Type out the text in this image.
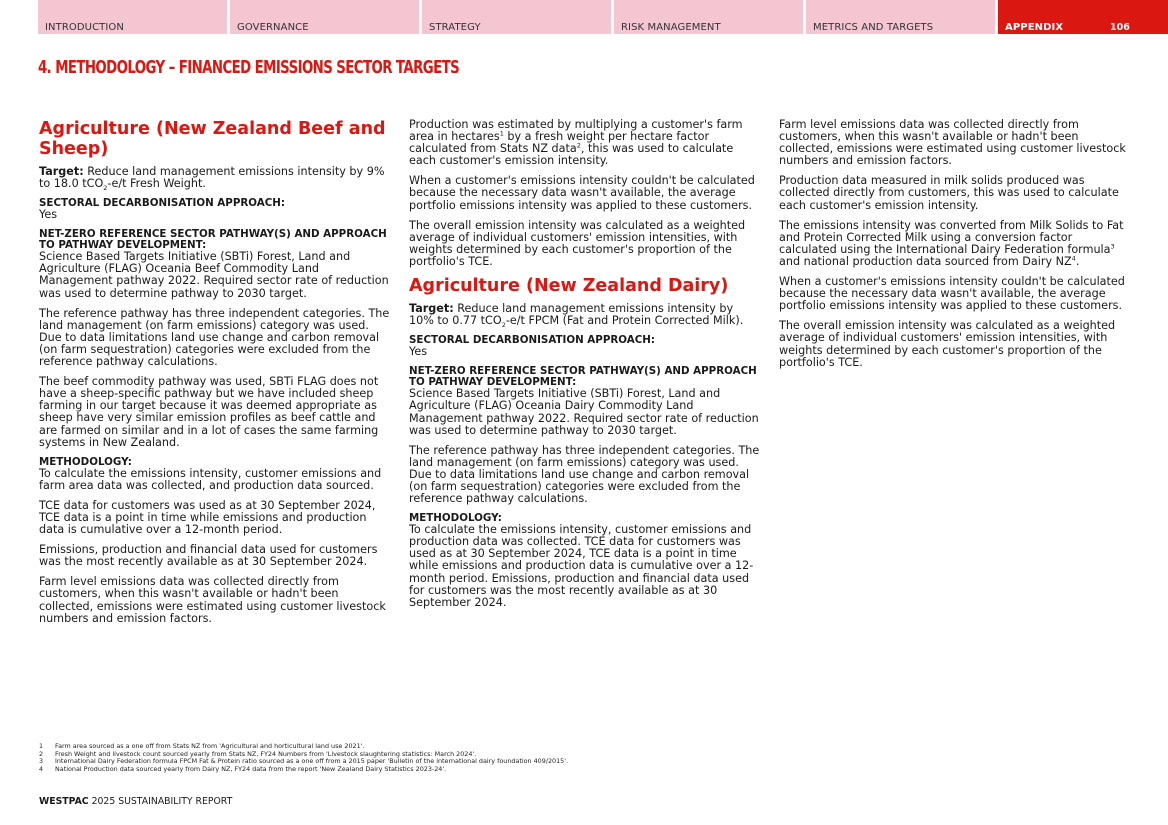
INTRODUCTION	GOVERNANCE	STRATEGY	RISK MANAGEMENT	METRICS AND TARGETS	APPENDIX	106
4. METHODOLOGY – FINANCED EMISSIONS SECTOR TARGETS
Agriculture (New Zealand Beef and Sheep)

Target: Reduce land management emissions intensity by 9% to 18.0 tCO$_2$-e/t Fresh Weight.

SECTORAL DECARBONISATION APPROACH:

Yes

NET-ZERO REFERENCE SECTOR PATHWAY(S) AND APPROACH TO PATHWAY DEVELOPMENT:

Science Based Targets Initiative (SBTi) Forest, Land and Agriculture (FLAG) Oceania Beef Commodity Land Management pathway 2022. Required sector rate of reduction was used to determine pathway to 2030 target.

The reference pathway has three independent categories. The land management (on farm emissions) category was used. Due to data limitations land use change and carbon removal (on farm sequestration) categories were excluded from the reference pathway calculations.

The beef commodity pathway was used, SBTi FLAG does not have a sheep-specific pathway but we have included sheep farming in our target because it was deemed appropriate as sheep have very similar emission profiles as beef cattle and are farmed on similar and in a lot of cases the same farming systems in New Zealand.

METHODOLOGY:

To calculate the emissions intensity, customer emissions and farm area data was collected, and production data sourced.

TCE data for customers was used as at 30 September 2024, TCE data is a point in time while emissions and production data is cumulative over a 12-month period.

Emissions, production and financial data used for customers was the most recently available as at 30 September 2024.

Farm level emissions data was collected directly from customers, when this wasn't available or hadn't been collected, emissions were estimated using customer livestock numbers and emission factors.

Production was estimated by multiplying a customer's farm area in hectares$^1$ by a fresh weight per hectare factor calculated from Stats NZ data$^2$, this was used to calculate each customer's emission intensity.

When a customer's emissions intensity couldn't be calculated because the necessary data wasn't available, the average portfolio emissions intensity was applied to these customers.

The overall emission intensity was calculated as a weighted average of individual customers' emission intensities, with weights determined by each customer's proportion of the portfolio's TCE.

Agriculture (New Zealand Dairy)

Target: Reduce land management emissions intensity by 10% to 0.77 tCO$_2$-e/t FPCM (Fat and Protein Corrected Milk).

SECTORAL DECARBONISATION APPROACH:

Yes

NET-ZERO REFERENCE SECTOR PATHWAY(S) AND APPROACH TO PATHWAY DEVELOPMENT:

Science Based Targets Initiative (SBTi) Forest, Land and Agriculture (FLAG) Oceania Dairy Commodity Land Management pathway 2022. Required sector rate of reduction was used to determine pathway to 2030 target.

The reference pathway has three independent categories. The land management (on farm emissions) category was used. Due to data limitations land use change and carbon removal (on farm sequestration) categories were excluded from the reference pathway calculations.

METHODOLOGY:

To calculate the emissions intensity, customer emissions and production data was collected. TCE data for customers was used as at 30 September 2024, TCE data is a point in time while emissions and production data is cumulative over a 12-month period. Emissions, production and financial data used for customers was the most recently available as at 30 September 2024.

Farm level emissions data was collected directly from customers, when this wasn't available or hadn't been collected, emissions were estimated using customer livestock numbers and emission factors.

Production data measured in milk solids produced was collected directly from customers, this was used to calculate each customer's emission intensity.

The emissions intensity was converted from Milk Solids to Fat and Protein Corrected Milk using a conversion factor calculated using the International Dairy Federation formula$^3$ and national production data sourced from Dairy $NZ^4$.

When a customer's emissions intensity couldn't be calculated because the necessary data wasn't available, the average portfolio emissions intensity was applied to these customers.

The overall emission intensity was calculated as a weighted average of individual customers' emission intensities, with weights determined by each customer's proportion of the portfolio's TCE.

1	Farm area sourced as a one off from Stats NZ from 'Agricultural and horticultural land use 2021'.
2	Fresh Weight and livestock count sourced yearly from Stats NZ, FY24 Numbers from 'Livestock slaughtering statistics: March 2024'.
3	International Dairy Federation formula FPCM Fat & Protein ratio sourced as a one off from a 2015 paper 'Bulletin of the international dairy foundation 409/2015'.
4	National Production data sourced yearly from Dairy NZ, FY24 data from the report 'New Zealand Dairy Statistics 2023-24'.
WESTPAC 2025 SUSTAINABILITY REPORT
